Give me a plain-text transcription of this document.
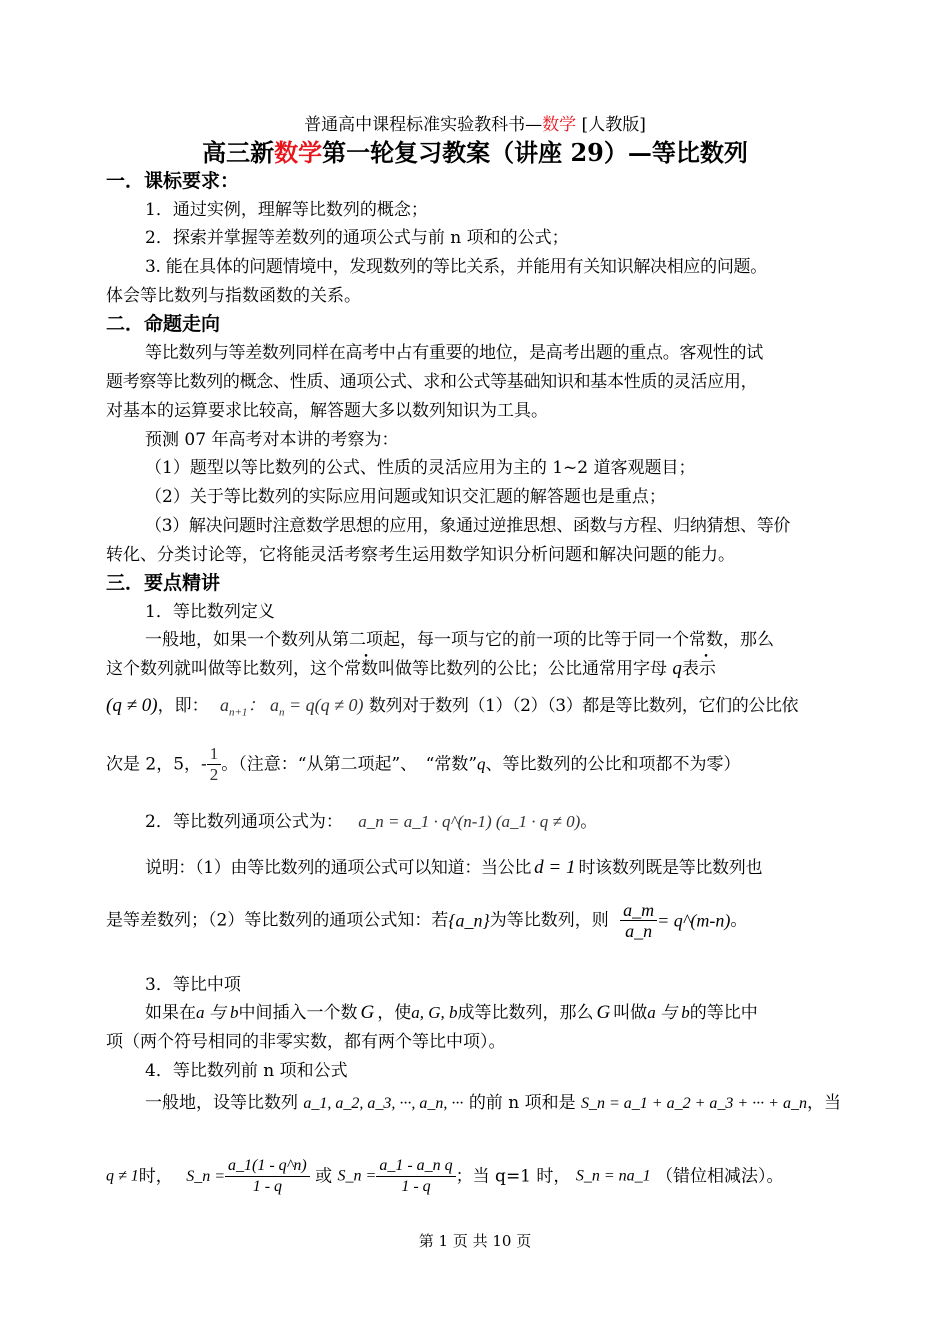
普通高中课程标准实验教科书—数学 [人教版]
高三新数学第一轮复习教案（讲座 29）—等比数列
一．课标要求：
1．通过实例，理解等比数列的概念；
2．探索并掌握等差数列的通项公式与前 n 项和的公式；
3. 能在具体的问题情境中，发现数列的等比关系，并能用有关知识解决相应的问题。
体会等比数列与指数函数的关系。
二．命题走向
等比数列与等差数列同样在高考中占有重要的地位，是高考出题的重点。客观性的试
题考察等比数列的概念、性质、通项公式、求和公式等基础知识和基本性质的灵活应用，
对基本的运算要求比较高，解答题大多以数列知识为工具。
预测 07 年高考对本讲的考察为：
（1）题型以等比数列的公式、性质的灵活应用为主的 1~2 道客观题目；
（2）关于等比数列的实际应用问题或知识交汇题的解答题也是重点；
（3）解决问题时注意数学思想的应用，象通过逆推思想、函数与方程、归纳猜想、等价
转化、分类讨论等，它将能灵活考察考生运用数学知识分析问题和解决问题的能力。
三．要点精讲
1．等比数列定义
一般地，如果一个数列从第二项起，每一项与它的前一项的比等于同一个常数，那么
这个数列就叫做等比数列，这个常数叫做等比数列的公比；公比通常用字母 q表示
(q ≠ 0)，即： $a_{n+1}$： $a_n = q(q \ne 0)$ 数列对于数列（1）（2）（3）都是等比数列，它们的公比依
次是 2，5，- $\frac{1}{2}$ 。（注意：“从第二项起”、　“常数”q、等比数列的公比和项都不为零）
2．等比数列通项公式为： a_n = a_1 · q^(n-1) (a_1 · q ≠ 0)。
说明：（1）由等比数列的通项公式可以知道：当公比 d = 1 时该数列既是等比数列也
是等差数列；（2）等比数列的通项公式知：若{a_n}为等比数列，则 $\frac{a\_m}{a\_n}$ = q^(m-n)。
3．等比中项
如果在a 与 b中间插入一个数 G ，使a, G, b成等比数列，那么 G 叫做a 与 b的等比中
项（两个符号相同的非零实数，都有两个等比中项）。
4．等比数列前 n 项和公式
一般地，设等比数列 a_1, a_2, a_3, ···, a_n, ··· 的前 n 项和是 S_n = a_1 + a_2 + a_3 + ··· + a_n，当
q ≠ 1时， S_n = $\frac{a\_1(1 - q\^{}n)}{1 - q}$ 或 S_n = $\frac{\text{a\_1 - a\_n q}}{1 - q}$ ；当 q=1 时， S_n = na_1 （错位相减法）。
第 1 页 共 10 页
